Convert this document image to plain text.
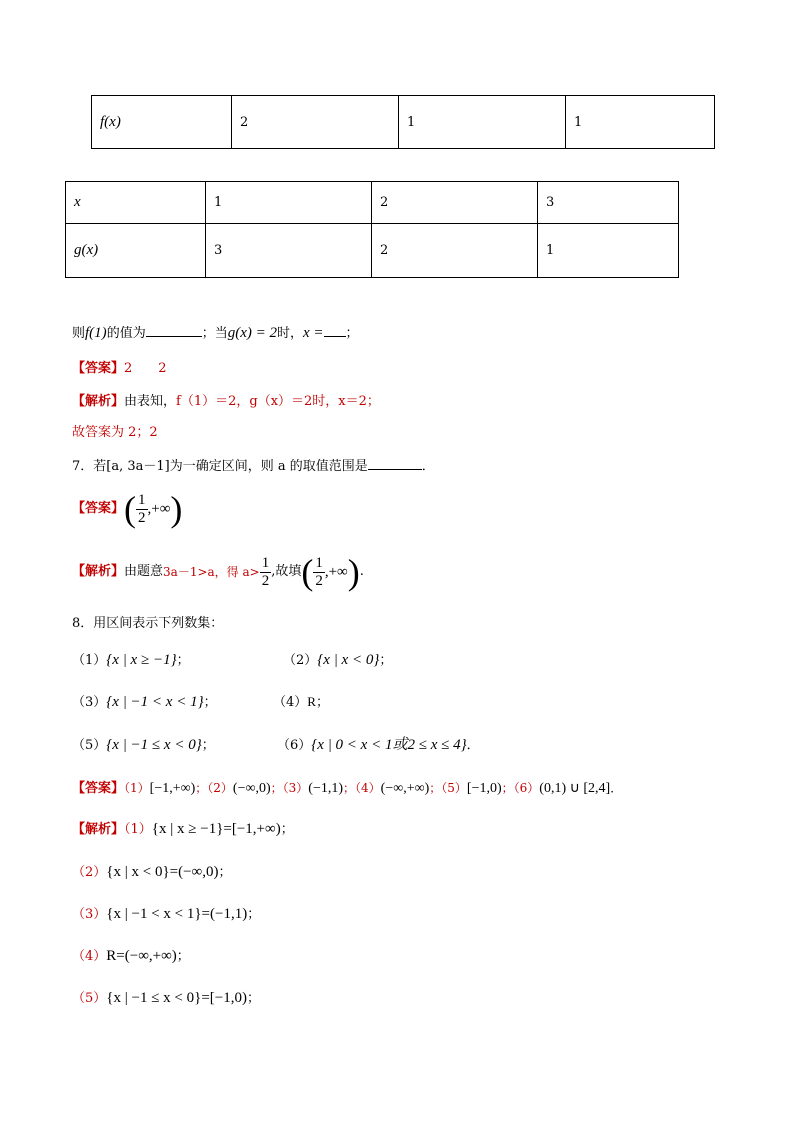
f(x)	2	1	1
x	1	2	3
g(x)	3	2	1
则f(1)的值为	；当g(x) = 2时，x = ；
【答案】2　　2
【解析】由表知，f（1）＝2，g（x）＝2时，x＝2；
故答案为 2；2
7．若[a, 3a－1]为一确定区间，则 a 的取值范围是	．
【答案】( $\frac{1}{2}$ ,+∞)
【解析】由题意3a－1>a，得 $a> \frac{1}{2}$ ,故填( $\frac{1}{2}$ ,+∞).
8．用区间表示下列数集：
（1）{x | x ≥ −1}；	（2）{x | x < 0}；
（3）{x | −1 < x < 1}；	（4）R；
（5）{x | −1 ≤ x < 0}；	（6）{x | 0 < x < 1或2 ≤ x ≤ 4}．
【答案】（1）[−1,+∞)；（2）(−∞,0)；（3）(−1,1)；（4）(−∞,+∞)；（5）[−1,0)；（6）(0,1) ∪ [2,4]．
【解析】（1）{x | x ≥ −1}=[−1,+∞)；
（2）{x | x < 0}=(−∞,0)；
（3）{x | −1 < x < 1}=(−1,1)；
（4）R=(−∞,+∞)；
（5）{x | −1 ≤ x < 0}=[−1,0)；
